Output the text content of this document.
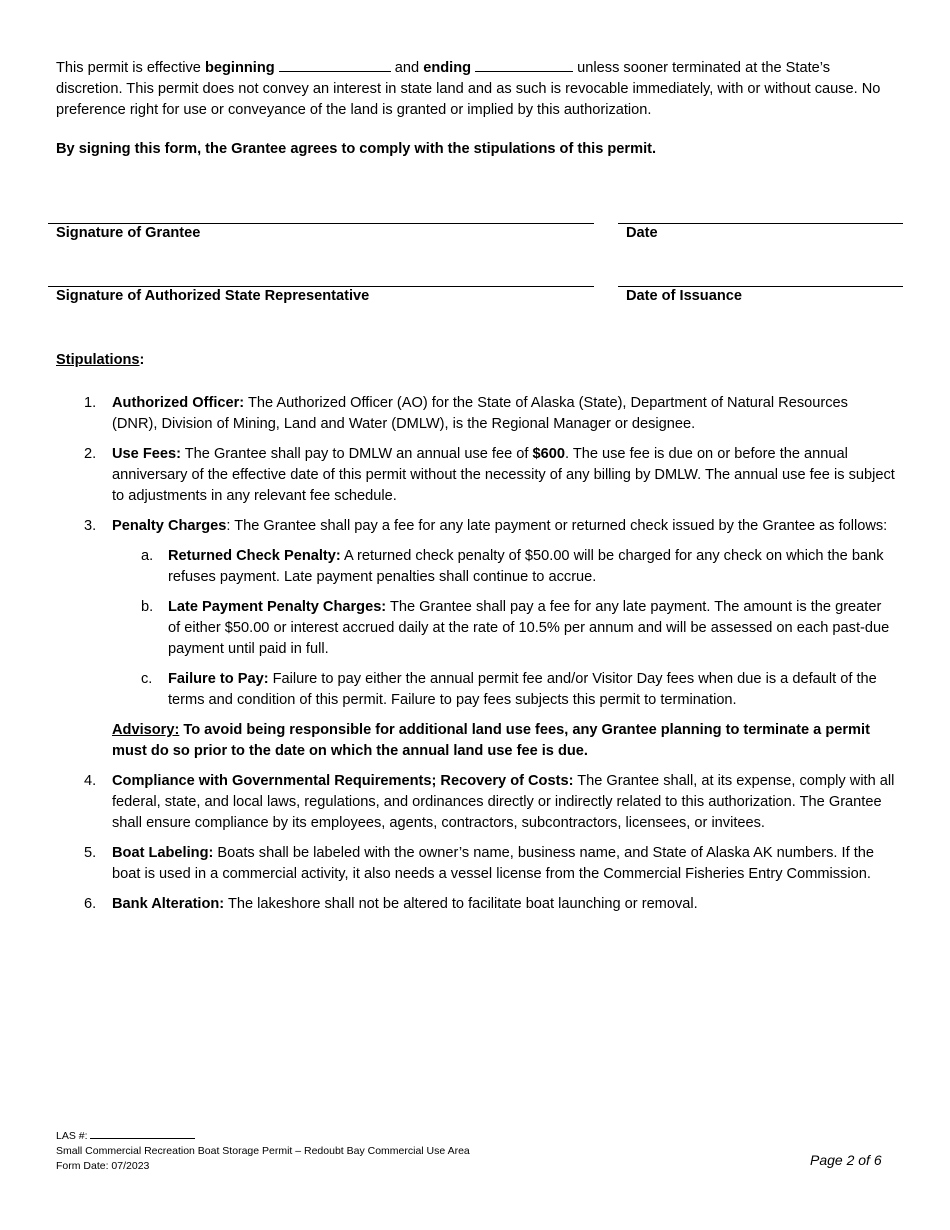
This permit is effective beginning	and ending	unless sooner terminated at the State’s discretion. This permit does not convey an interest in state land and as such is revocable immediately, with or without cause. No preference right for use or conveyance of the land is granted or implied by this authorization.

By signing this form, the Grantee agrees to comply with the stipulations of this permit.
Signature of Grantee	Date
Signature of Authorized State Representative	Date of Issuance
Stipulations:
1. Authorized Officer: The Authorized Officer (AO) for the State of Alaska (State), Department of Natural Resources (DNR), Division of Mining, Land and Water (DMLW), is the Regional Manager or designee.
2. Use Fees: The Grantee shall pay to DMLW an annual use fee of $600. The use fee is due on or before the annual anniversary of the effective date of this permit without the necessity of any billing by DMLW. The annual use fee is subject to adjustments in any relevant fee schedule.
3. Penalty Charges: The Grantee shall pay a fee for any late payment or returned check issued by the Grantee as follows:
a. Returned Check Penalty: A returned check penalty of $50.00 will be charged for any check on which the bank refuses payment. Late payment penalties shall continue to accrue.
b. Late Payment Penalty Charges: The Grantee shall pay a fee for any late payment. The amount is the greater of either $50.00 or interest accrued daily at the rate of 10.5% per annum and will be assessed on each past-due payment until paid in full.
c. Failure to Pay: Failure to pay either the annual permit fee and/or Visitor Day fees when due is a default of the terms and condition of this permit. Failure to pay fees subjects this permit to termination.
Advisory: To avoid being responsible for additional land use fees, any Grantee planning to terminate a permit must do so prior to the date on which the annual land use fee is due.
4. Compliance with Governmental Requirements; Recovery of Costs: The Grantee shall, at its expense, comply with all federal, state, and local laws, regulations, and ordinances directly or indirectly related to this authorization. The Grantee shall ensure compliance by its employees, agents, contractors, subcontractors, licensees, or invitees.
5. Boat Labeling: Boats shall be labeled with the owner’s name, business name, and State of Alaska AK numbers. If the boat is used in a commercial activity, it also needs a vessel license from the Commercial Fisheries Entry Commission.
6. Bank Alteration: The lakeshore shall not be altered to facilitate boat launching or removal.
LAS #:
Small Commercial Recreation Boat Storage Permit – Redoubt Bay Commercial Use Area
Form Date: 07/2023	Page 2 of 6
